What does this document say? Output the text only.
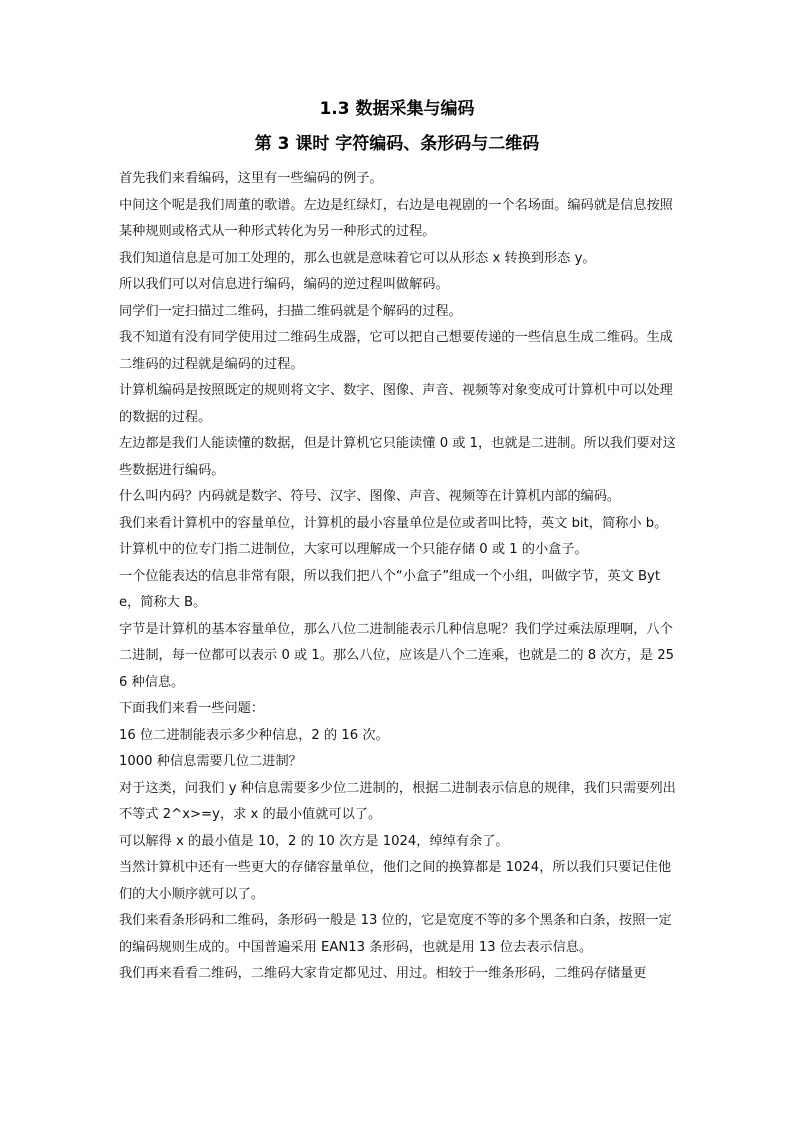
1.3 数据采集与编码
第 3 课时 字符编码、条形码与二维码

首先我们来看编码，这里有一些编码的例子。

中间这个呢是我们周董的歌谱。左边是红绿灯，右边是电视剧的一个名场面。编码就是信息按照某种规则或格式从一种形式转化为另一种形式的过程。

我们知道信息是可加工处理的，那么也就是意味着它可以从形态 x 转换到形态 y。

所以我们可以对信息进行编码，编码的逆过程叫做解码。

同学们一定扫描过二维码，扫描二维码就是个解码的过程。

我不知道有没有同学使用过二维码生成器，它可以把自己想要传递的一些信息生成二维码。生成二维码的过程就是编码的过程。

计算机编码是按照既定的规则将文字、数字、图像、声音、视频等对象变成可计算机中可以处理的数据的过程。

左边都是我们人能读懂的数据，但是计算机它只能读懂 0 或 1，也就是二进制。所以我们要对这些数据进行编码。

什么叫内码？内码就是数字、符号、汉字、图像、声音、视频等在计算机内部的编码。

我们来看计算机中的容量单位，计算机的最小容量单位是位或者叫比特，英文 bit，简称小 b。计算机中的位专门指二进制位，大家可以理解成一个只能存储 0 或 1 的小盒子。

一个位能表达的信息非常有限，所以我们把八个“小盒子”组成一个小组，叫做字节，英文 Byte，简称大 B。

字节是计算机的基本容量单位，那么八位二进制能表示几种信息呢？我们学过乘法原理啊，八个二进制，每一位都可以表示 0 或 1。那么八位，应该是八个二连乘，也就是二的 8 次方，是 256 种信息。

下面我们来看一些问题：

16 位二进制能表示多少种信息，2 的 16 次。

1000 种信息需要几位二进制？

对于这类，问我们 y 种信息需要多少位二进制的，根据二进制表示信息的规律，我们只需要列出不等式 2^x>=y，求 x 的最小值就可以了。

可以解得 x 的最小值是 10，2 的 10 次方是 1024，绰绰有余了。

当然计算机中还有一些更大的存储容量单位，他们之间的换算都是 1024，所以我们只要记住他们的大小顺序就可以了。

我们来看条形码和二维码，条形码一般是 13 位的，它是宽度不等的多个黑条和白条，按照一定的编码规则生成的。中国普遍采用 EAN13 条形码，也就是用 13 位去表示信息。

我们再来看看二维码，二维码大家肯定都见过、用过。相较于一维条形码，二维码存储量更
